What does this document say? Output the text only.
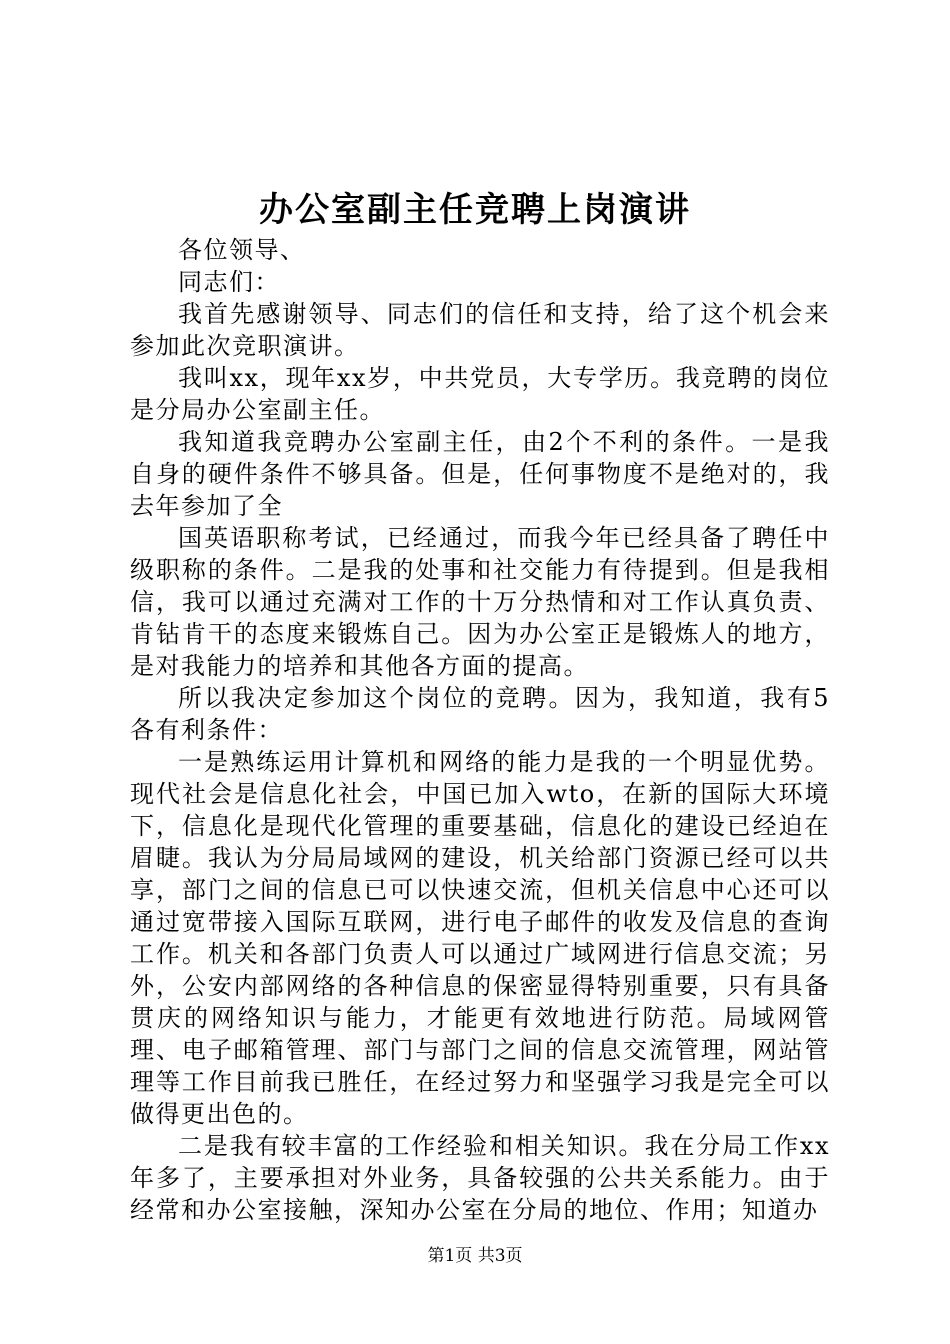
办公室副主任竞聘上岗演讲

各位领导、

同志们：

我首先感谢领导、同志们的信任和支持，给了这个机会来参加此次竞职演讲。

我叫xx，现年xx岁，中共党员，大专学历。我竞聘的岗位是分局办公室副主任。

我知道我竞聘办公室副主任，由2个不利的条件。一是我自身的硬件条件不够具备。但是，任何事物度不是绝对的，我去年参加了全

国英语职称考试，已经通过，而我今年已经具备了聘任中级职称的条件。二是我的处事和社交能力有待提到。但是我相信，我可以通过充满对工作的十万分热情和对工作认真负责、肯钻肯干的态度来锻炼自己。因为办公室正是锻炼人的地方，是对我能力的培养和其他各方面的提高。

所以我决定参加这个岗位的竞聘。因为，我知道，我有5各有利条件：

一是熟练运用计算机和网络的能力是我的一个明显优势。现代社会是信息化社会，中国已加入wto，在新的国际大环境下，信息化是现代化管理的重要基础，信息化的建设已经迫在眉睫。我认为分局局域网的建设，机关给部门资源已经可以共享，部门之间的信息已可以快速交流，但机关信息中心还可以通过宽带接入国际互联网，进行电子邮件的收发及信息的查询工作。机关和各部门负责人可以通过广域网进行信息交流；另外，公安内部网络的各种信息的保密显得特别重要，只有具备贯庆的网络知识与能力，才能更有效地进行防范。局域网管理、电子邮箱管理、部门与部门之间的信息交流管理，网站管理等工作目前我已胜任，在经过努力和坚强学习我是完全可以做得更出色的。

二是我有较丰富的工作经验和相关知识。我在分局工作xx年多了，主要承担对外业务，具备较强的公共关系能力。由于经常和办公室接触，深知办公室在分局的地位、作用；知道办

第1页 共3页
